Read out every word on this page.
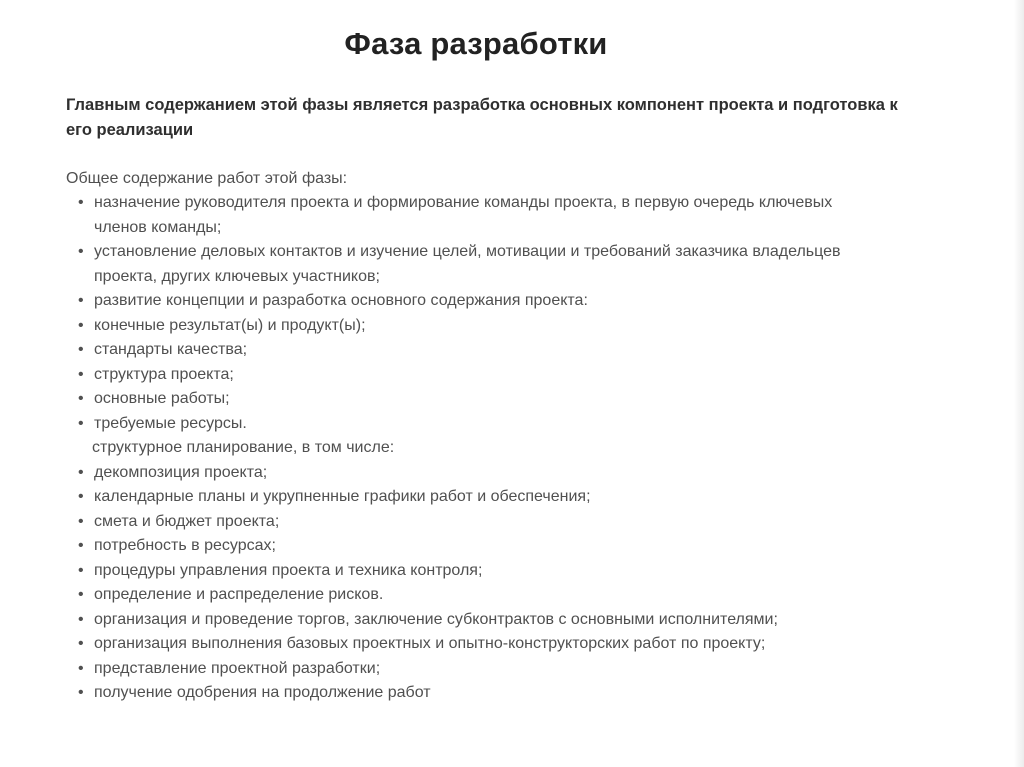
Фаза разработки
Главным содержанием этой фазы является разработка основных компонент проекта и подготовка к его реализации
Общее содержание работ этой фазы:
• назначение руководителя проекта и формирование команды проекта, в первую очередь ключевых членов команды;
• установление деловых контактов и изучение целей, мотивации и требований заказчика владельцев проекта, других ключевых участников;
• развитие концепции и разработка основного содержания проекта:
• конечные результат(ы) и продукт(ы);
• стандарты качества;
• структура проекта;
• основные работы;
• требуемые ресурсы.
структурное планирование, в том числе:
• декомпозиция проекта;
• календарные планы и укрупненные графики работ и обеспечения;
• смета и бюджет проекта;
• потребность в ресурсах;
• процедуры управления проекта и техника контроля;
• определение и распределение рисков.
• организация и проведение торгов, заключение субконтрактов с основными исполнителями;
• организация выполнения базовых проектных и опытно-конструкторских работ по проекту;
• представление проектной разработки;
• получение одобрения на продолжение работ
